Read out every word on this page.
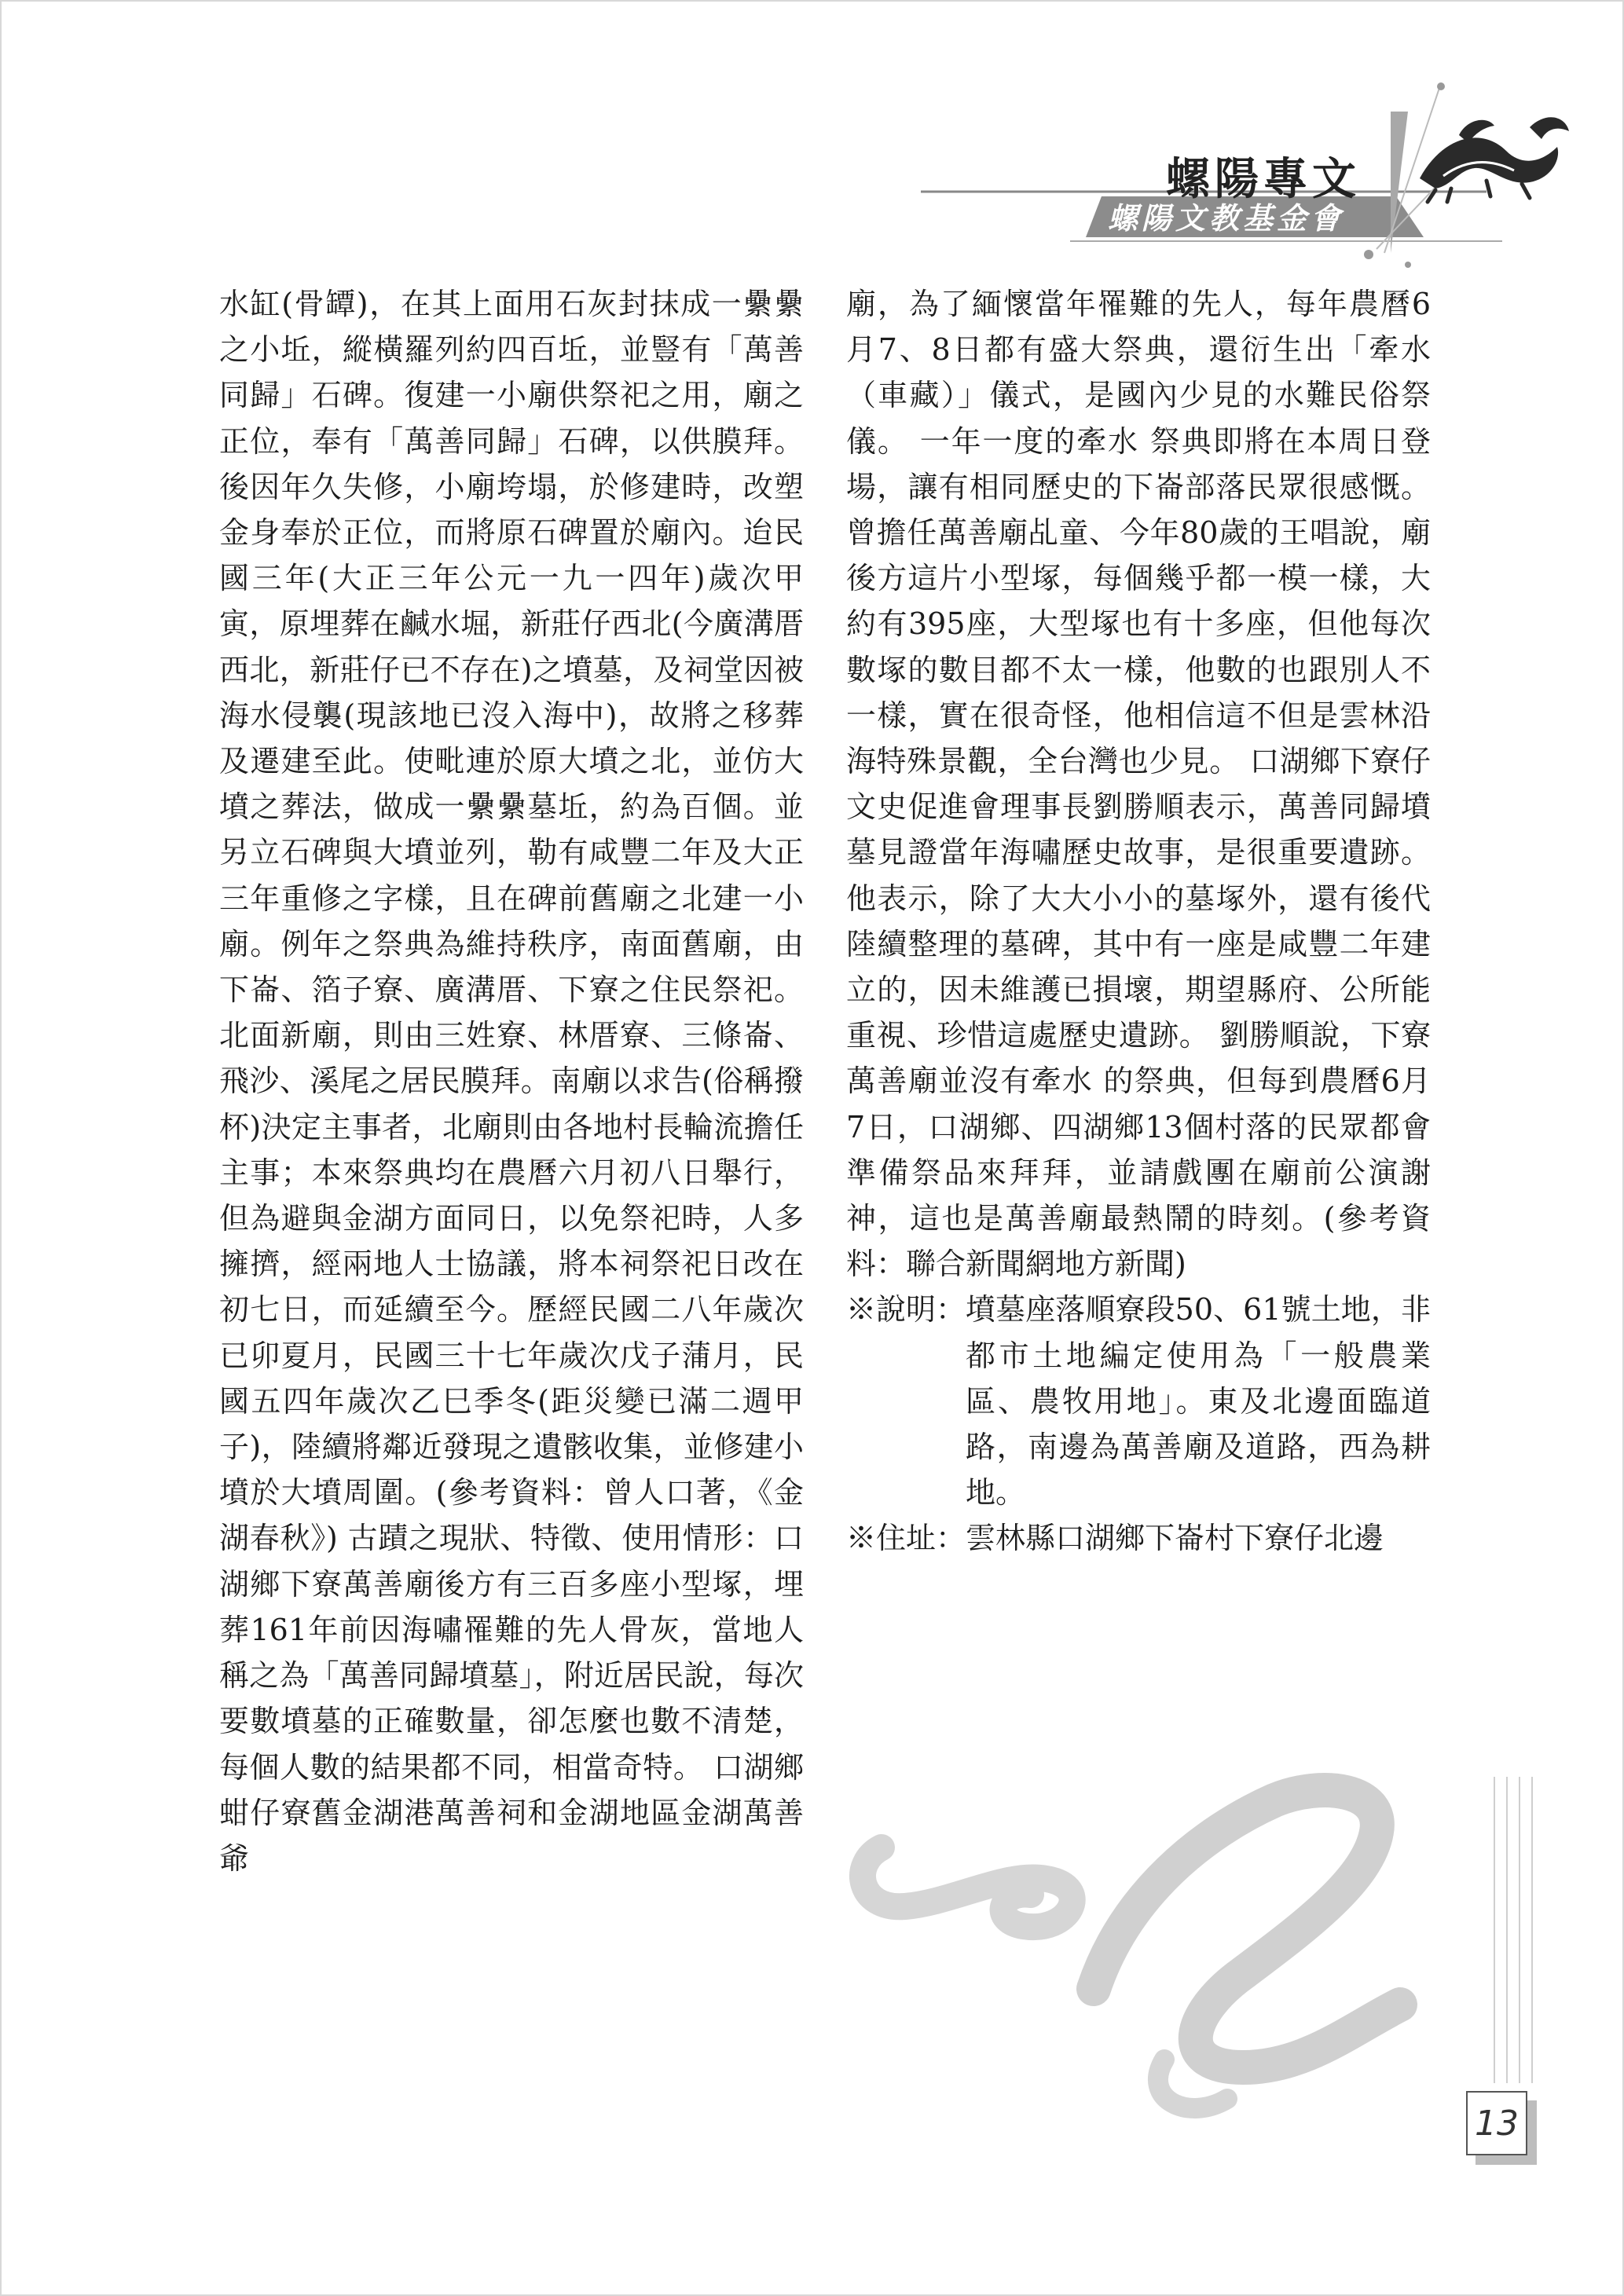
螺陽專文
螺陽文教基金會

水缸(骨罈)，在其上面用石灰封抹成一纍纍之小坵，縱橫羅列約四百坵，並豎有「萬善同歸」石碑。復建一小廟供祭祀之用，廟之正位，奉有「萬善同歸」石碑，以供膜拜。後因年久失修，小廟垮塌，於修建時，改塑金身奉於正位，而將原石碑置於廟內。迨民國三年(大正三年公元一九一四年)歲次甲寅，原埋葬在鹹水堀，新莊仔西北(今廣溝厝西北，新莊仔已不存在)之墳墓，及祠堂因被海水侵襲(現該地已沒入海中)，故將之移葬及遷建至此。使毗連於原大墳之北，並仿大墳之葬法，做成一纍纍墓坵，約為百個。並另立石碑與大墳並列，勒有咸豐二年及大正三年重修之字樣，且在碑前舊廟之北建一小廟。例年之祭典為維持秩序，南面舊廟，由下崙、箔子寮、廣溝厝、下寮之住民祭祀。北面新廟，則由三姓寮、林厝寮、三條崙、飛沙、溪尾之居民膜拜。南廟以求告(俗稱撥杯)決定主事者，北廟則由各地村長輪流擔任主事；本來祭典均在農曆六月初八日舉行，但為避與金湖方面同日，以免祭祀時，人多擁擠，經兩地人士協議，將本祠祭祀日改在初七日，而延續至今。歷經民國二八年歲次已卯夏月，民國三十七年歲次戊子蒲月，民國五四年歲次乙巳季冬(距災變已滿二週甲子)，陸續將鄰近發現之遺骸收集，並修建小墳於大墳周圍。(參考資料：曾人口著，《金湖春秋》) 古蹟之現狀、特徵、使用情形：口湖鄉下寮萬善廟後方有三百多座小型塚，埋葬161年前因海嘯罹難的先人骨灰，當地人稱之為「萬善同歸墳墓」，附近居民說，每次要數墳墓的正確數量，卻怎麼也數不清楚，每個人數的結果都不同，相當奇特。 口湖鄉蚶仔寮舊金湖港萬善祠和金湖地區金湖萬善爺

廟，為了緬懷當年罹難的先人，每年農曆6月7、8日都有盛大祭典，還衍生出「牽水（車藏）」儀式，是國內少見的水難民俗祭儀。 一年一度的牽水 祭典即將在本周日登場，讓有相同歷史的下崙部落民眾很感慨。 曾擔任萬善廟乩童、今年80歲的王唱說，廟後方這片小型塚，每個幾乎都一模一樣，大約有395座，大型塚也有十多座，但他每次數塚的數目都不太一樣，他數的也跟別人不一樣，實在很奇怪，他相信這不但是雲林沿海特殊景觀，全台灣也少見。 口湖鄉下寮仔文史促進會理事長劉勝順表示，萬善同歸墳墓見證當年海嘯歷史故事，是很重要遺跡。他表示，除了大大小小的墓塚外，還有後代陸續整理的墓碑，其中有一座是咸豐二年建立的，因未維護已損壞，期望縣府、公所能重視、珍惜這處歷史遺跡。 劉勝順說，下寮萬善廟並沒有牽水 的祭典，但每到農曆6月7日，口湖鄉、四湖鄉13個村落的民眾都會準備祭品來拜拜，並請戲團在廟前公演謝神，這也是萬善廟最熱鬧的時刻。(參考資料：聯合新聞網地方新聞)

※說明： 墳墓座落順寮段50、61號土地，非都市土地編定使用為「一般農業區、農牧用地」。東及北邊面臨道路，南邊為萬善廟及道路，西為耕地。
※住址： 雲林縣口湖鄉下崙村下寮仔北邊
13
